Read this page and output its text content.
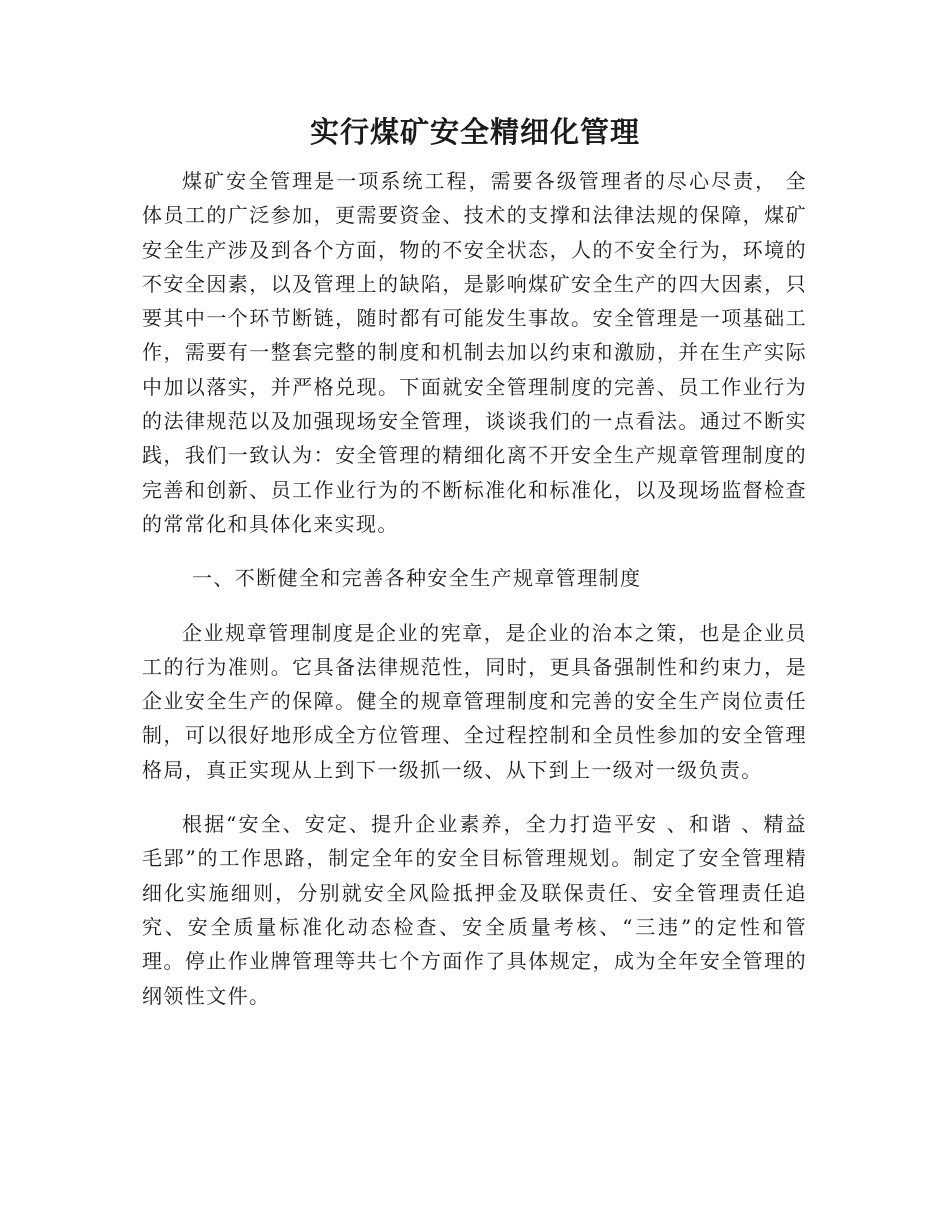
实行煤矿安全精细化管理

煤矿安全管理是一项系统工程，需要各级管理者的尽心尽责， 全体员工的广泛参加，更需要资金、技术的支撑和法律法规的保障，煤矿安全生产涉及到各个方面，物的不安全状态，人的不安全行为，环境的不安全因素，以及管理上的缺陷，是影响煤矿安全生产的四大因素，只要其中一个环节断链，随时都有可能发生事故。安全管理是一项基础工作，需要有一整套完整的制度和机制去加以约束和激励，并在生产实际中加以落实，并严格兑现。下面就安全管理制度的完善、员工作业行为的法律规范以及加强现场安全管理，谈谈我们的一点看法。通过不断实践，我们一致认为：安全管理的精细化离不开安全生产规章管理制度的完善和创新、员工作业行为的不断标准化和标准化，以及现场监督检查的常常化和具体化来实现。

一、不断健全和完善各种安全生产规章管理制度

企业规章管理制度是企业的宪章，是企业的治本之策，也是企业员工的行为准则。它具备法律规范性，同时，更具备强制性和约束力，是企业安全生产的保障。健全的规章管理制度和完善的安全生产岗位责任制，可以很好地形成全方位管理、全过程控制和全员性参加的安全管理格局，真正实现从上到下一级抓一级、从下到上一级对一级负责。

根据“安全、安定、提升企业素养，全力打造平安 、和谐 、精益毛郢”的工作思路，制定全年的安全目标管理规划。制定了安全管理精细化实施细则，分别就安全风险抵押金及联保责任、安全管理责任追究、安全质量标准化动态检查、安全质量考核、“三违”的定性和管理。停止作业牌管理等共七个方面作了具体规定，成为全年安全管理的纲领性文件。
